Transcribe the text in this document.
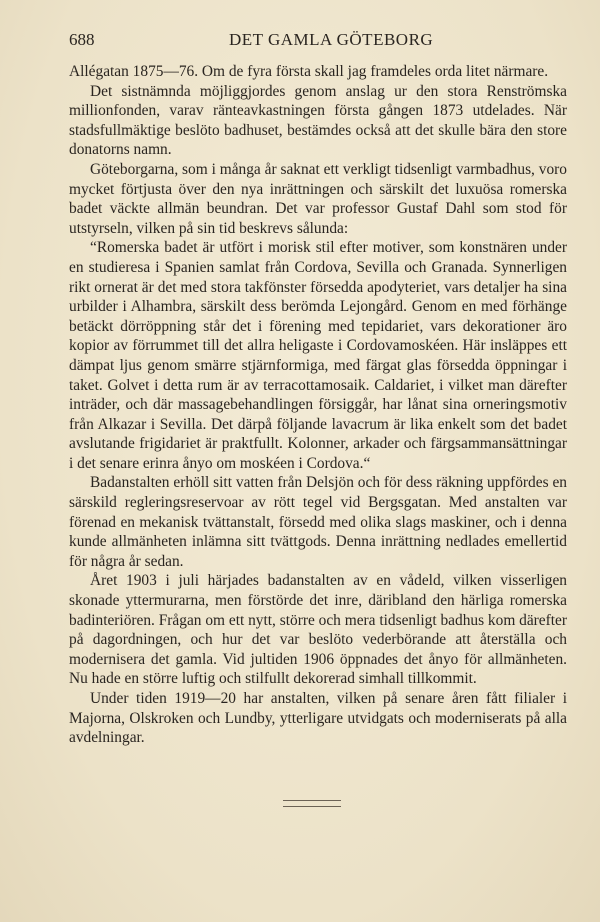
688	DET GAMLA GÖTEBORG

Allégatan 1875—76. Om de fyra första skall jag framdeles orda litet närmare.

Det sistnämnda möjliggjordes genom anslag ur den stora Renströmska millionfonden, varav ränteavkastningen första gången 1873 utdelades. När stadsfullmäktige beslöto badhuset, bestämdes också att det skulle bära den store donatorns namn.

Göteborgarna, som i många år saknat ett verkligt tidsenligt varmbadhus, voro mycket förtjusta över den nya inrättningen och särskilt det luxuösa romerska badet väckte allmän beundran. Det var professor Gustaf Dahl som stod för utstyrseln, vilken på sin tid beskrevs sålunda:

“Romerska badet är utfört i morisk stil efter motiver, som konstnären under en studieresa i Spanien samlat från Cordova, Sevilla och Granada. Synnerligen rikt ornerat är det med stora takfönster försedda apodyteriet, vars detaljer ha sina urbilder i Alhambra, särskilt dess berömda Lejongård. Genom en med förhänge betäckt dörröppning står det i förening med tepidariet, vars dekorationer äro kopior av förrummet till det allra heligaste i Cordovamoskéen. Här insläppes ett dämpat ljus genom smärre stjärnformiga, med färgat glas försedda öppningar i taket. Golvet i detta rum är av terracottamosaik. Caldariet, i vilket man därefter inträder, och där massagebehandlingen försiggår, har lånat sina orneringsmotiv från Alkazar i Sevilla. Det därpå följande lavacrum är lika enkelt som det badet avslutande frigidariet är praktfullt. Kolonner, arkader och färgsammansättningar i det senare erinra ånyo om moskéen i Cordova.“

Badanstalten erhöll sitt vatten från Delsjön och för dess räkning uppfördes en särskild regleringsreservoar av rött tegel vid Bergsgatan. Med anstalten var förenad en mekanisk tvättanstalt, försedd med olika slags maskiner, och i denna kunde allmänheten inlämna sitt tvättgods. Denna inrättning nedlades emellertid för några år sedan.

Året 1903 i juli härjades badanstalten av en vådeld, vilken visserligen skonade yttermurarna, men förstörde det inre, däribland den härliga romerska badinteriören. Frågan om ett nytt, större och mera tidsenligt badhus kom därefter på dagordningen, och hur det var beslöto vederbörande att återställa och modernisera det gamla. Vid jultiden 1906 öppnades det ånyo för allmänheten. Nu hade en större luftig och stilfullt dekorerad simhall tillkommit.

Under tiden 1919—20 har anstalten, vilken på senare åren fått filialer i Majorna, Olskroken och Lundby, ytterligare utvidgats och moderniserats på alla avdelningar.
